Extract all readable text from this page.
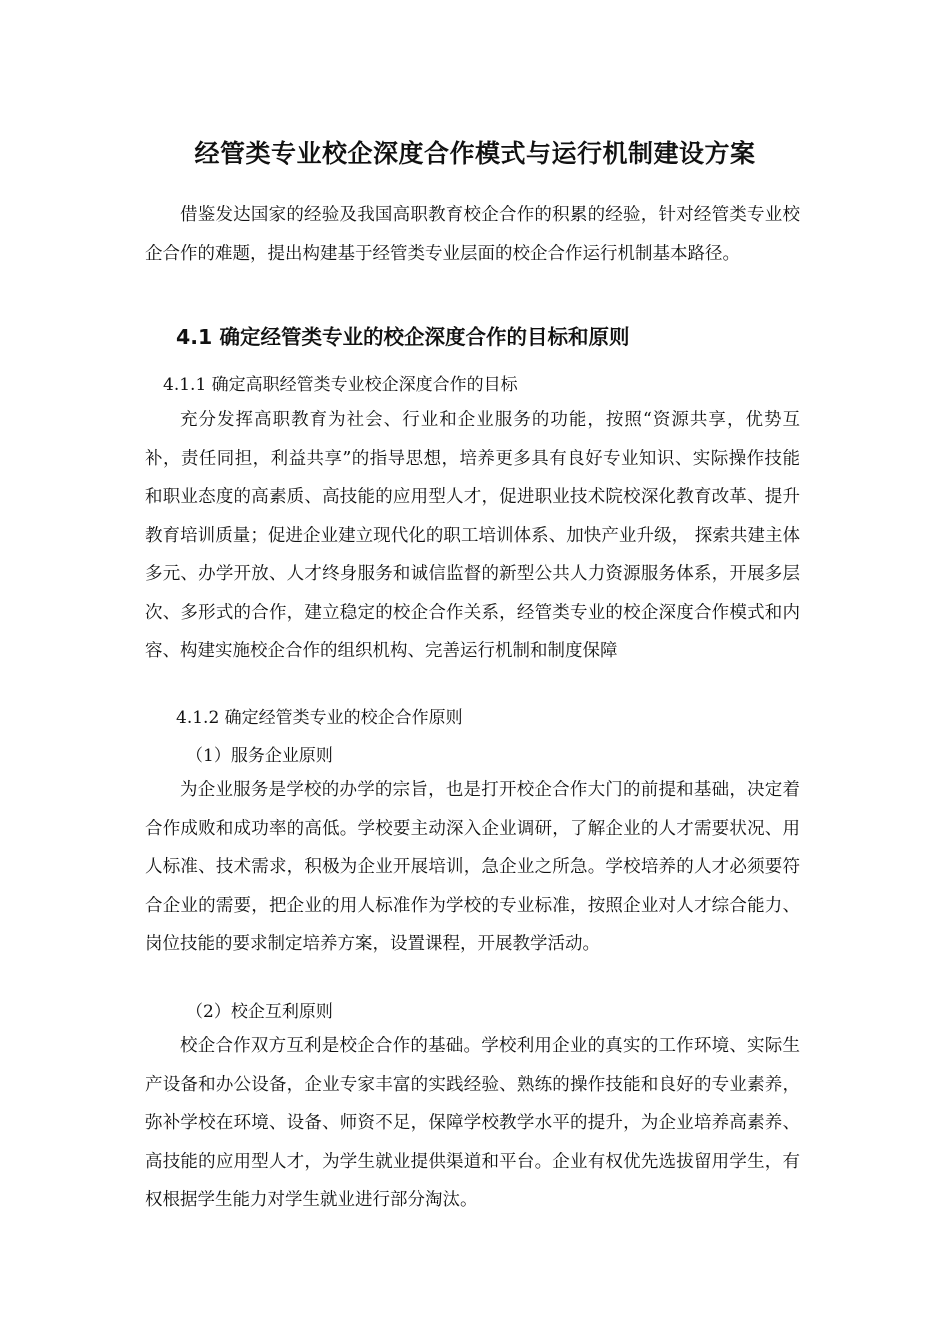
经管类专业校企深度合作模式与运行机制建设方案

借鉴发达国家的经验及我国高职教育校企合作的积累的经验，针对经管类专业校企合作的难题，提出构建基于经管类专业层面的校企合作运行机制基本路径。

4.1 确定经管类专业的校企深度合作的目标和原则

4.1.1 确定高职经管类专业校企深度合作的目标

充分发挥高职教育为社会、行业和企业服务的功能，按照“资源共享，优势互补，责任同担，利益共享”的指导思想，培养更多具有良好专业知识、实际操作技能和职业态度的高素质、高技能的应用型人才，促进职业技术院校深化教育改革、提升教育培训质量；促进企业建立现代化的职工培训体系、加快产业升级， 探索共建主体多元、办学开放、人才终身服务和诚信监督的新型公共人力资源服务体系，开展多层次、多形式的合作，建立稳定的校企合作关系，经管类专业的校企深度合作模式和内容、构建实施校企合作的组织机构、完善运行机制和制度保障

4.1.2 确定经管类专业的校企合作原则

（1）服务企业原则

为企业服务是学校的办学的宗旨，也是打开校企合作大门的前提和基础，决定着合作成败和成功率的高低。学校要主动深入企业调研，了解企业的人才需要状况、用人标准、技术需求，积极为企业开展培训，急企业之所急。学校培养的人才必须要符合企业的需要，把企业的用人标准作为学校的专业标准，按照企业对人才综合能力、岗位技能的要求制定培养方案，设置课程，开展教学活动。

（2）校企互利原则

校企合作双方互利是校企合作的基础。学校利用企业的真实的工作环境、实际生产设备和办公设备，企业专家丰富的实践经验、熟练的操作技能和良好的专业素养，弥补学校在环境、设备、师资不足，保障学校教学水平的提升，为企业培养高素养、高技能的应用型人才，为学生就业提供渠道和平台。企业有权优先选拔留用学生，有权根据学生能力对学生就业进行部分淘汰。
